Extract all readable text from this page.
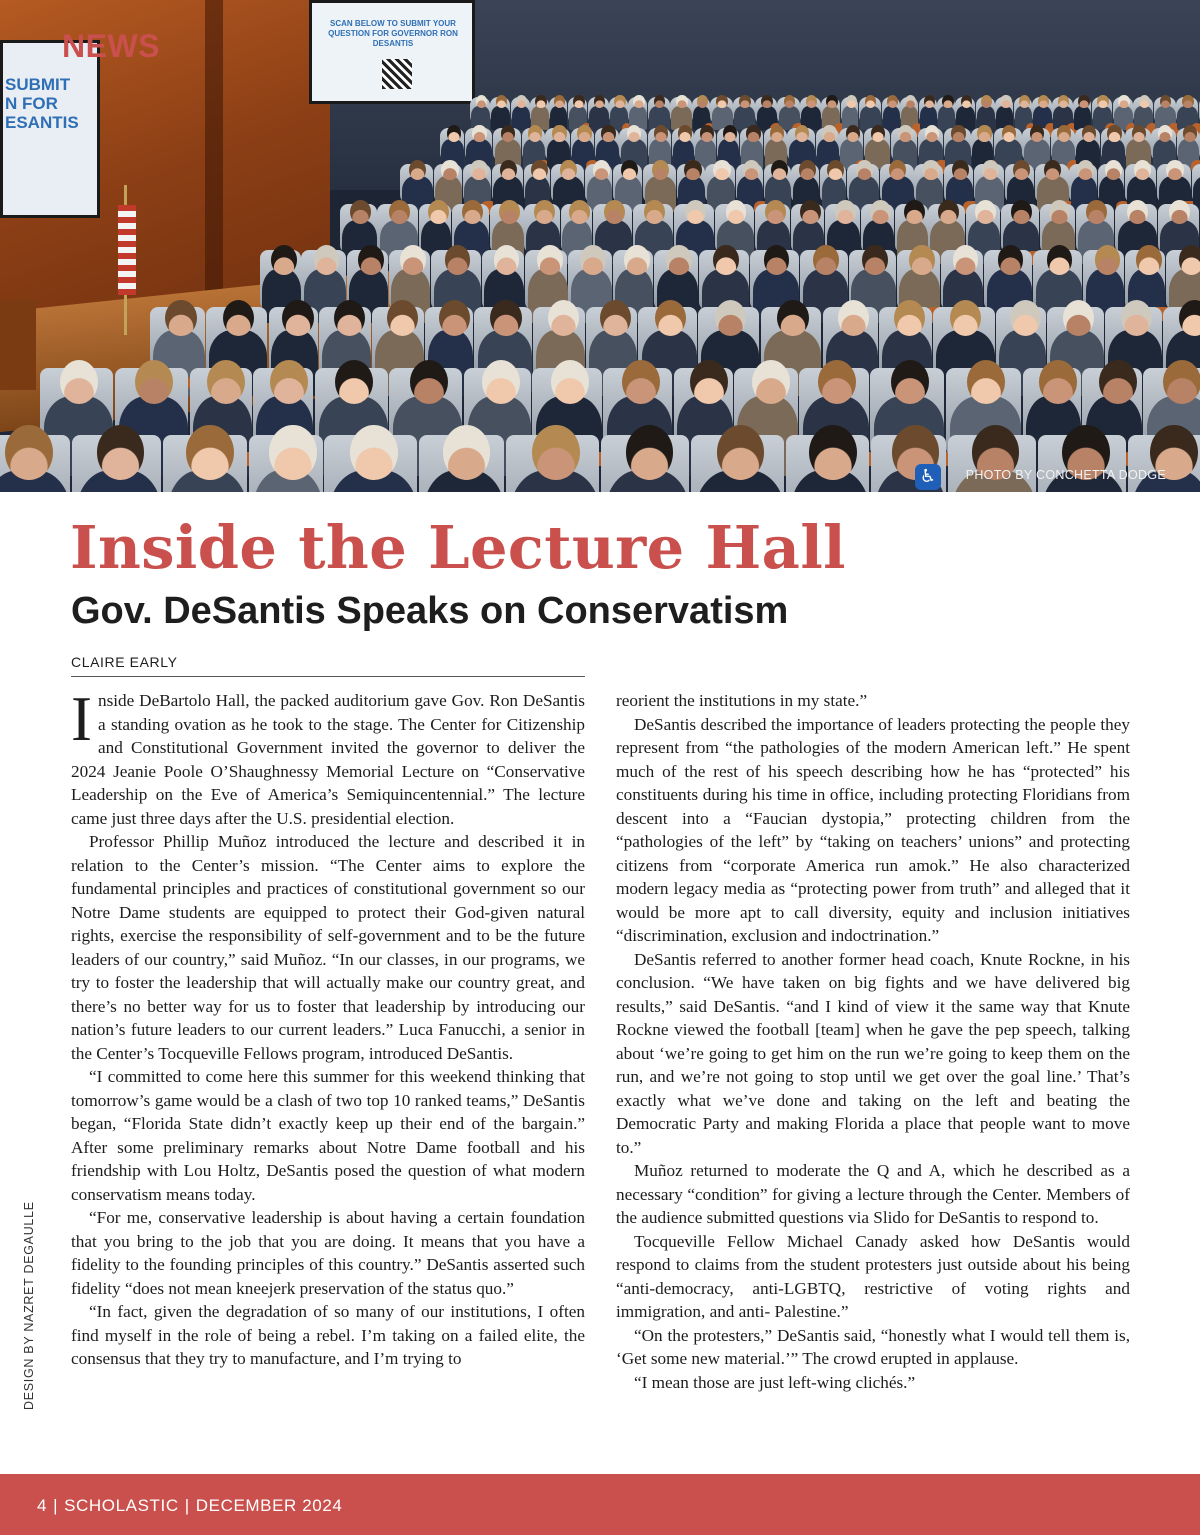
SUBMIT
N FOR
ESANTIS
SCAN BELOW TO SUBMIT YOUR QUESTION FOR GOVERNOR RON DESANTIS
♿	PHOTO BY CONCHETTA DODGE
NEWS
Inside the Lecture Hall
Gov. DeSantis Speaks on Conservatism
CLAIRE EARLY

Inside DeBartolo Hall, the packed auditorium gave Gov. Ron DeSantis a standing ovation as he took to the stage. The Center for Citizenship and Constitutional Government invited the governor to deliver the 2024 Jeanie Poole O’Shaughnessy Memorial Lecture on “Conservative Leadership on the Eve of America’s Semiquincentennial.” The lecture came just three days after the U.S. presidential election.

Professor Phillip Muñoz introduced the lecture and described it in relation to the Center’s mission. “The Center aims to explore the fundamental principles and practices of constitutional government so our Notre Dame students are equipped to protect their God-given natural rights, exercise the responsibility of self-government and to be the future leaders of our country,” said Muñoz. “In our classes, in our programs, we try to foster the leadership that will actually make our country great, and there’s no better way for us to foster that leadership by introducing our nation’s future leaders to our current leaders.” Luca Fanucchi, a senior in the Center’s Tocqueville Fellows program, introduced DeSantis.

“I committed to come here this summer for this weekend thinking that tomorrow’s game would be a clash of two top 10 ranked teams,” DeSantis began, “Florida State didn’t exactly keep up their end of the bargain.” After some preliminary remarks about Notre Dame football and his friendship with Lou Holtz, DeSantis posed the question of what modern conservatism means today.

“For me, conservative leadership is about having a certain foundation that you bring to the job that you are doing. It means that you have a fidelity to the founding principles of this country.” DeSantis asserted such fidelity “does not mean kneejerk preservation of the status quo.”

“In fact, given the degradation of so many of our institutions, I often find myself in the role of being a rebel. I’m taking on a failed elite, the consensus that they try to manufacture, and I’m trying to

reorient the institutions in my state.”

DeSantis described the importance of leaders protecting the people they represent from “the pathologies of the modern American left.” He spent much of the rest of his speech describing how he has “protected” his constituents during his time in office, including protecting Floridians from descent into a “Faucian dystopia,” protecting children from the “pathologies of the left” by “taking on teachers’ unions” and protecting citizens from “corporate America run amok.” He also characterized modern legacy media as “protecting power from truth” and alleged that it would be more apt to call diversity, equity and inclusion initiatives “discrimination, exclusion and indoctrination.”

DeSantis referred to another former head coach, Knute Rockne, in his conclusion. “We have taken on big fights and we have delivered big results,” said DeSantis. “and I kind of view it the same way that Knute Rockne viewed the football [team] when he gave the pep speech, talking about ‘we’re going to get him on the run we’re going to keep them on the run, and we’re not going to stop until we get over the goal line.’ That’s exactly what we’ve done and taking on the left and beating the Democratic Party and making Florida a place that people want to move to.”

Muñoz returned to moderate the Q and A, which he described as a necessary “condition” for giving a lecture through the Center. Members of the audience submitted questions via Slido for DeSantis to respond to.

Tocqueville Fellow Michael Canady asked how DeSantis would respond to claims from the student protesters just outside about his being “anti-democracy, anti-LGBTQ, restrictive of voting rights and immigration, and anti- Palestine.”

“On the protesters,” DeSantis said, “honestly what I would tell them is, ‘Get some new material.’” The crowd erupted in applause.

“I mean those are just left-wing clichés.”

DESIGN BY NAZRET DEGAULLE
4 | SCHOLASTIC | DECEMBER 2024
